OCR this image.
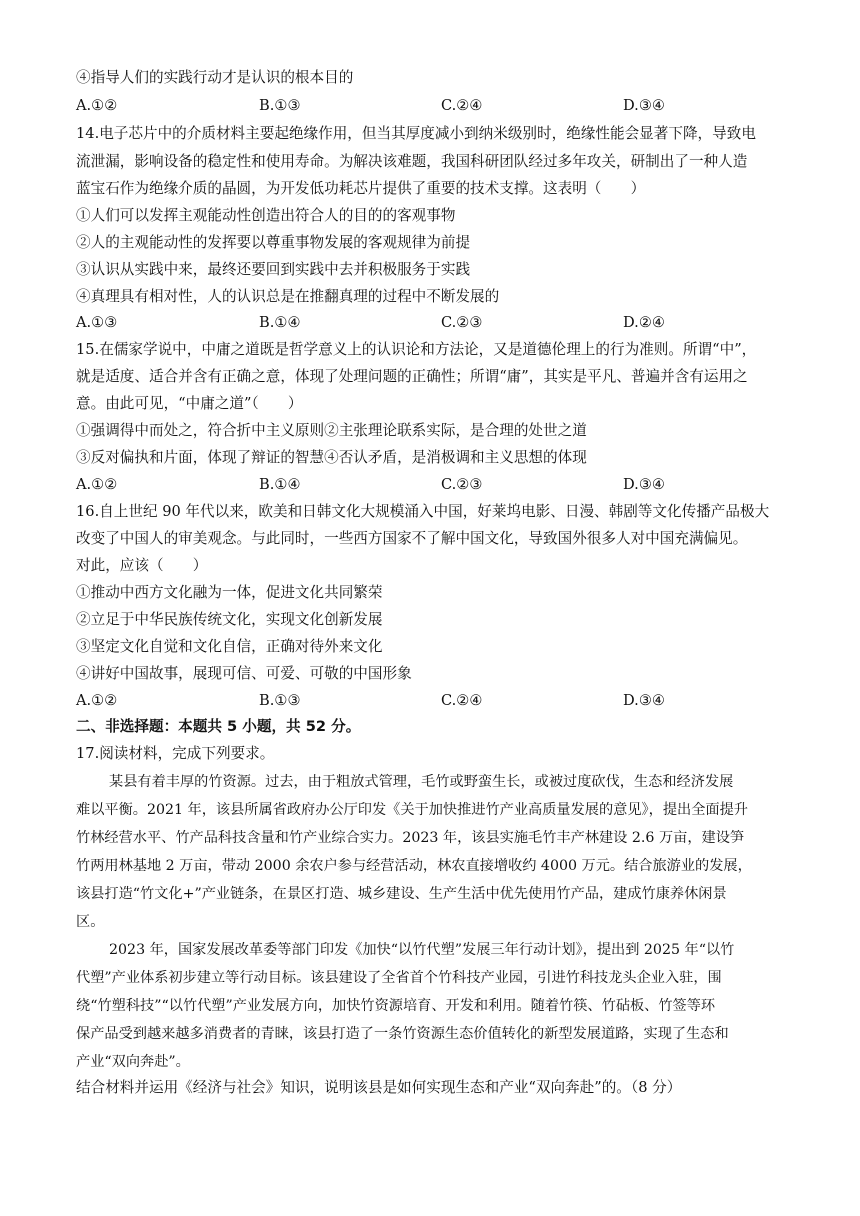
④指导人们的实践行动才是认识的根本目的
A.①②	B.①③	C.②④	D.③④
14.电子芯片中的介质材料主要起绝缘作用，但当其厚度减小到纳米级别时，绝缘性能会显著下降，导致电
流泄漏，影响设备的稳定性和使用寿命。为解决该难题，我国科研团队经过多年攻关，研制出了一种人造
蓝宝石作为绝缘介质的晶圆，为开发低功耗芯片提供了重要的技术支撑。这表明（　　）
①人们可以发挥主观能动性创造出符合人的目的的客观事物
②人的主观能动性的发挥要以尊重事物发展的客观规律为前提
③认识从实践中来，最终还要回到实践中去并积极服务于实践
④真理具有相对性，人的认识总是在推翻真理的过程中不断发展的
A.①③	B.①④	C.②③	D.②④
15.在儒家学说中，中庸之道既是哲学意义上的认识论和方法论，又是道德伦理上的行为准则。所谓“中”，
就是适度、适合并含有正确之意，体现了处理问题的正确性；所谓“庸”，其实是平凡、普遍并含有运用之
意。由此可见，“中庸之道”（　　）
①强调得中而处之，符合折中主义原则②主张理论联系实际，是合理的处世之道
③反对偏执和片面，体现了辩证的智慧④否认矛盾，是消极调和主义思想的体现
A.①②	B.①④	C.②③	D.③④
16.自上世纪 90 年代以来，欧美和日韩文化大规模涌入中国，好莱坞电影、日漫、韩剧等文化传播产品极大
改变了中国人的审美观念。与此同时，一些西方国家不了解中国文化，导致国外很多人对中国充满偏见。
对此，应该（　　）
①推动中西方文化融为一体，促进文化共同繁荣
②立足于中华民族传统文化，实现文化创新发展
③坚定文化自觉和文化自信，正确对待外来文化
④讲好中国故事，展现可信、可爱、可敬的中国形象
A.①②	B.①③	C.②④	D.③④
二、非选择题：本题共 5 小题，共 52 分。
17.阅读材料，完成下列要求。
某县有着丰厚的竹资源。过去，由于粗放式管理，毛竹或野蛮生长，或被过度砍伐，生态和经济发展
难以平衡。2021 年，该县所属省政府办公厅印发《关于加快推进竹产业高质量发展的意见》，提出全面提升
竹林经营水平、竹产品科技含量和竹产业综合实力。2023 年，该县实施毛竹丰产林建设 2.6 万亩，建设笋
竹两用林基地 2 万亩，带动 2000 余农户参与经营活动，林农直接增收约 4000 万元。结合旅游业的发展，
该县打造“竹文化+”产业链条，在景区打造、城乡建设、生产生活中优先使用竹产品，建成竹康养休闲景
区。
2023 年，国家发展改革委等部门印发《加快“以竹代塑”发展三年行动计划》，提出到 2025 年“以竹
代塑”产业体系初步建立等行动目标。该县建设了全省首个竹科技产业园，引进竹科技龙头企业入驻，围
绕“竹塑科技”“以竹代塑”产业发展方向，加快竹资源培育、开发和利用。随着竹筷、竹砧板、竹签等环
保产品受到越来越多消费者的青睐，该县打造了一条竹资源生态价值转化的新型发展道路，实现了生态和
产业“双向奔赴”。
结合材料并运用《经济与社会》知识，说明该县是如何实现生态和产业“双向奔赴”的。（8 分）
